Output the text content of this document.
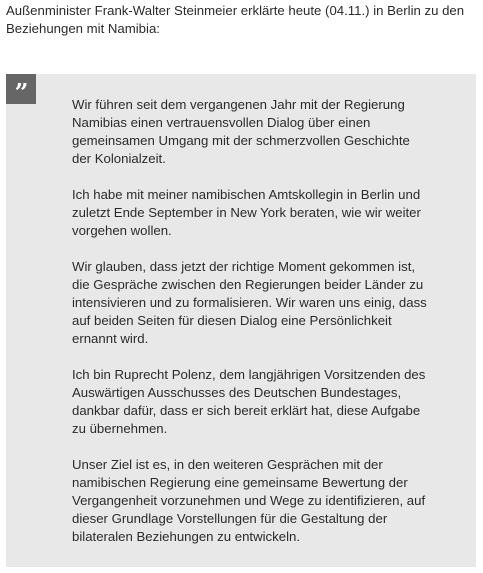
Außenminister Frank-Walter Steinmeier erklärte heute (04.11.) in Berlin zu den Beziehungen mit Namibia:

”	Wir führen seit dem vergangenen Jahr mit der Regierung Namibias einen vertrauensvollen Dialog über einen gemeinsamen Umgang mit der schmerzvollen Geschichte der Kolonialzeit.

Ich habe mit meiner namibischen Amtskollegin in Berlin und zuletzt Ende September in New York beraten, wie wir weiter vorgehen wollen.

Wir glauben, dass jetzt der richtige Moment gekommen ist, die Gespräche zwischen den Regierungen beider Länder zu intensivieren und zu formalisieren. Wir waren uns einig, dass auf beiden Seiten für diesen Dialog eine Persönlichkeit ernannt wird.

Ich bin Ruprecht Polenz, dem langjährigen Vorsitzenden des Auswärtigen Ausschusses des Deutschen Bundestages, dankbar dafür, dass er sich bereit erklärt hat, diese Aufgabe zu übernehmen.

Unser Ziel ist es, in den weiteren Gesprächen mit der namibischen Regierung eine gemeinsame Bewertung der Vergangenheit vorzunehmen und Wege zu identifizieren, auf dieser Grundlage Vorstellungen für die Gestaltung der bilateralen Beziehungen zu entwickeln.
